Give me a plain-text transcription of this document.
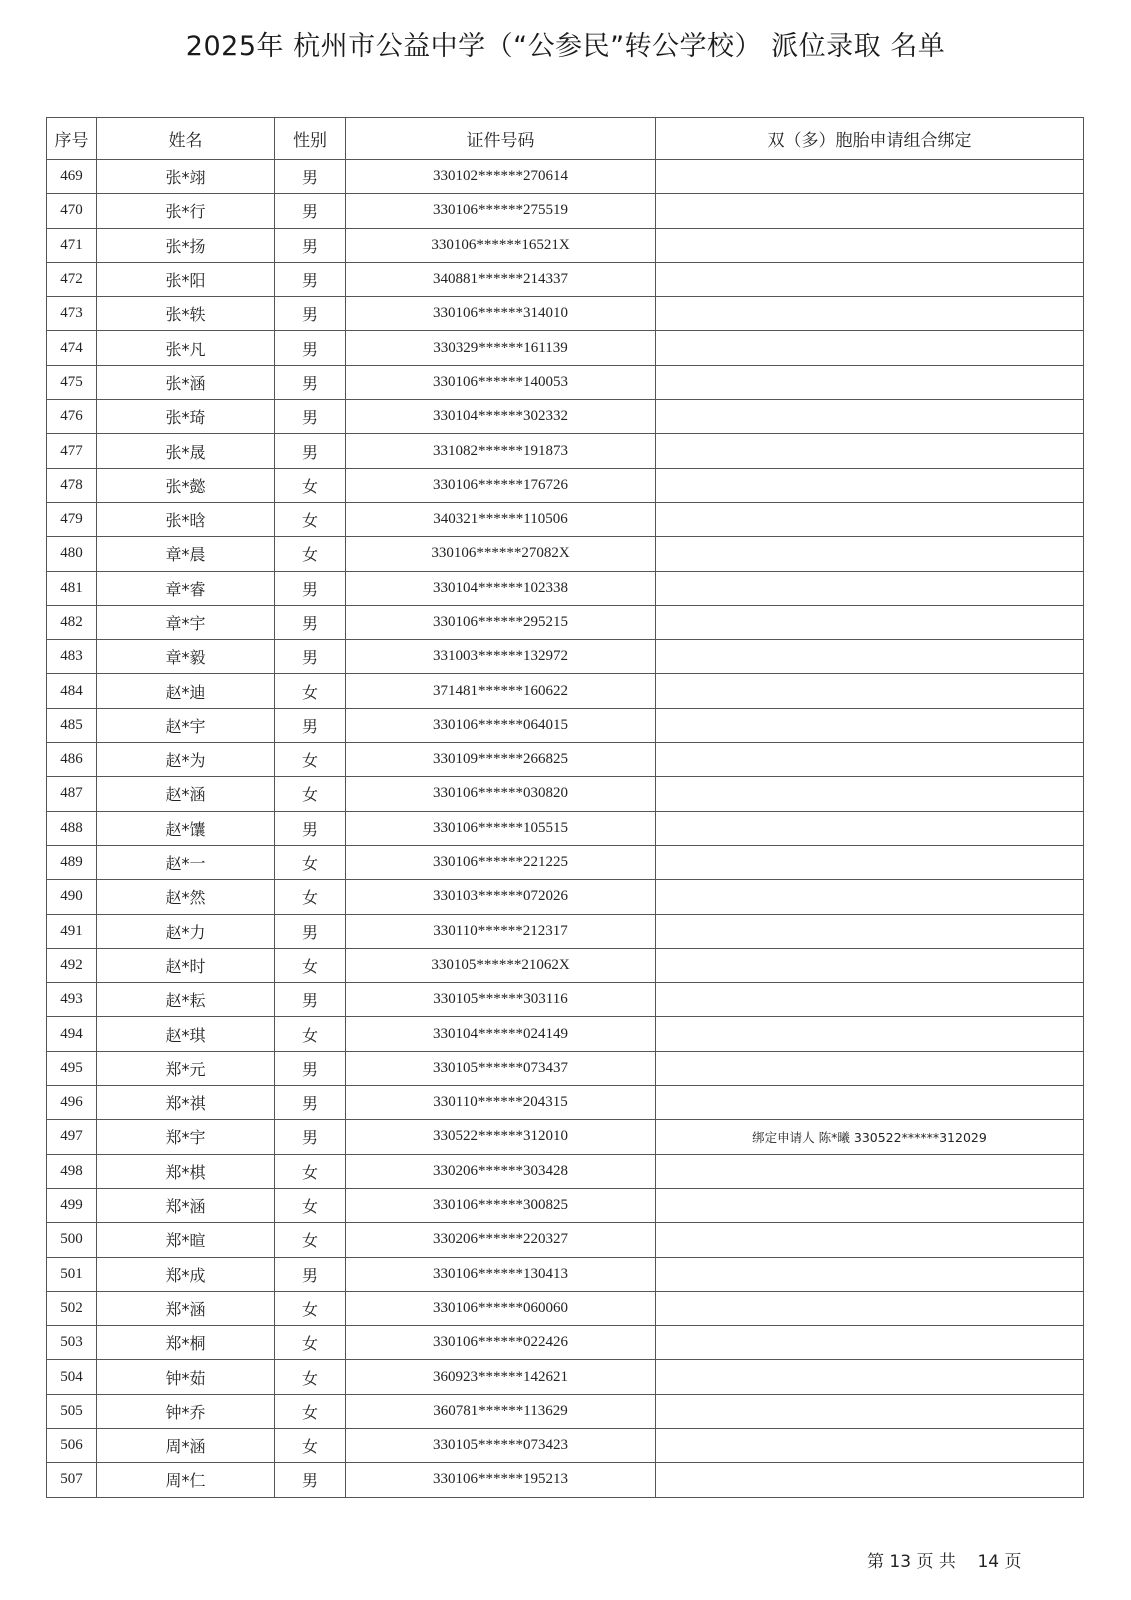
2025年 杭州市公益中学（“公参民”转公学校） 派位录取 名单
序号	姓名	性别	证件号码	双（多）胞胎申请组合绑定
469	张*翊	男	330102******270614	
470	张*行	男	330106******275519	
471	张*扬	男	330106******16521X	
472	张*阳	男	340881******214337	
473	张*轶	男	330106******314010	
474	张*凡	男	330329******161139	
475	张*涵	男	330106******140053	
476	张*琦	男	330104******302332	
477	张*晟	男	331082******191873	
478	张*懿	女	330106******176726	
479	张*晗	女	340321******110506	
480	章*晨	女	330106******27082X	
481	章*睿	男	330104******102338	
482	章*宇	男	330106******295215	
483	章*毅	男	331003******132972	
484	赵*迪	女	371481******160622	
485	赵*宇	男	330106******064015	
486	赵*为	女	330109******266825	
487	赵*涵	女	330106******030820	
488	赵*馕	男	330106******105515	
489	赵*一	女	330106******221225	
490	赵*然	女	330103******072026	
491	赵*力	男	330110******212317	
492	赵*时	女	330105******21062X	
493	赵*耘	男	330105******303116	
494	赵*琪	女	330104******024149	
495	郑*元	男	330105******073437	
496	郑*祺	男	330110******204315	
497	郑*宇	男	330522******312010	绑定申请人 陈*曦 330522******312029
498	郑*棋	女	330206******303428	
499	郑*涵	女	330106******300825	
500	郑*暄	女	330206******220327	
501	郑*成	男	330106******130413	
502	郑*涵	女	330106******060060	
503	郑*桐	女	330106******022426	
504	钟*茹	女	360923******142621	
505	钟*乔	女	360781******113629	
506	周*涵	女	330105******073423	
507	周*仁	男	330106******195213	
第 13 页 共    14 页
